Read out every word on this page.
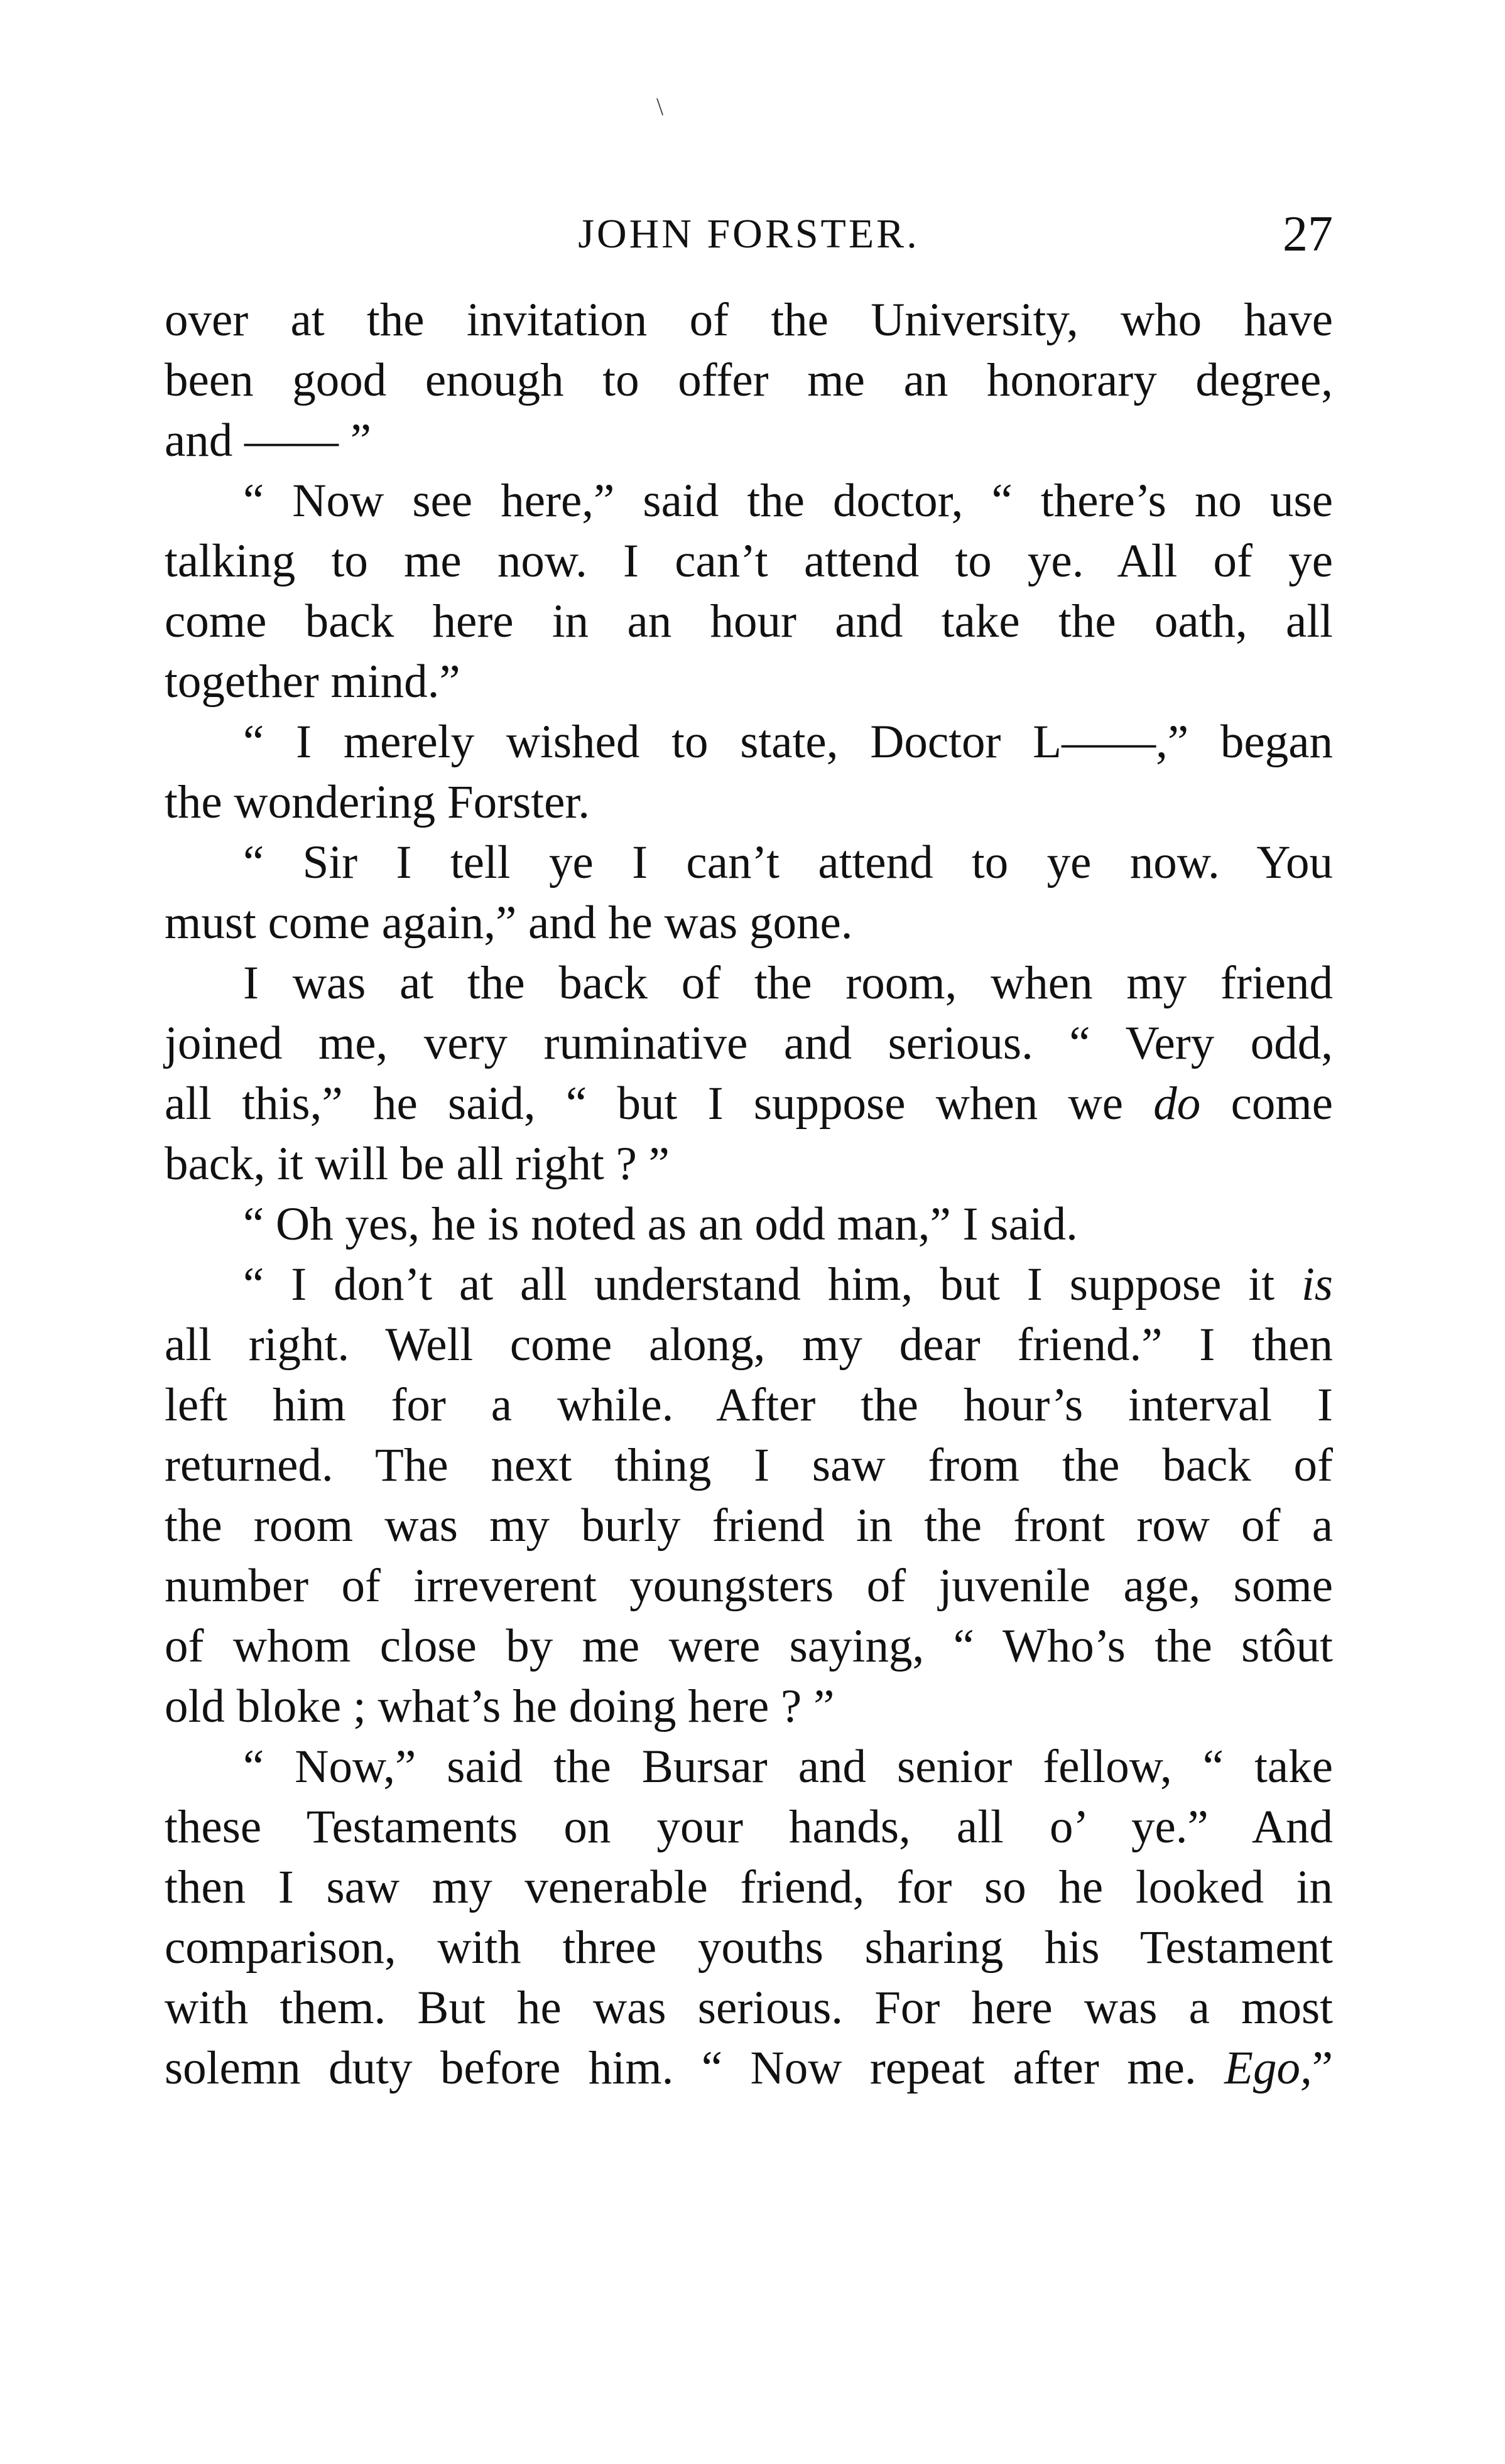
\
JOHN FORSTER.	27

over at the invitation of the University, who have

been good enough to offer me an honorary degree,

and —— ”

“ Now see here,” said the doctor, “ there’s no use

talking to me now. I can’t attend to ye. All of ye

come back here in an hour and take the oath, all

together mind.”

“ I merely wished to state, Doctor L——,” began

the wondering Forster.

“ Sir I tell ye I can’t attend to ye now. You

must come again,” and he was gone.

I was at the back of the room, when my friend

joined me, very ruminative and serious. “ Very odd,

all this,” he said, “ but I suppose when we do come

back, it will be all right ? ”

“ Oh yes, he is noted as an odd man,” I said.

“ I don’t at all understand him, but I suppose it is

all right. Well come along, my dear friend.” I then

left him for a while. After the hour’s interval I

returned. The next thing I saw from the back of

the room was my burly friend in the front row of a

number of irreverent youngsters of juvenile age, some

of whom close by me were saying, “ Who’s the stôut

old bloke ; what’s he doing here ? ”

“ Now,” said the Bursar and senior fellow, “ take

these Testaments on your hands, all o’ ye.” And

then I saw my venerable friend, for so he looked in

comparison, with three youths sharing his Testament

with them. But he was serious. For here was a most

solemn duty before him. “ Now repeat after me. Ego,”
